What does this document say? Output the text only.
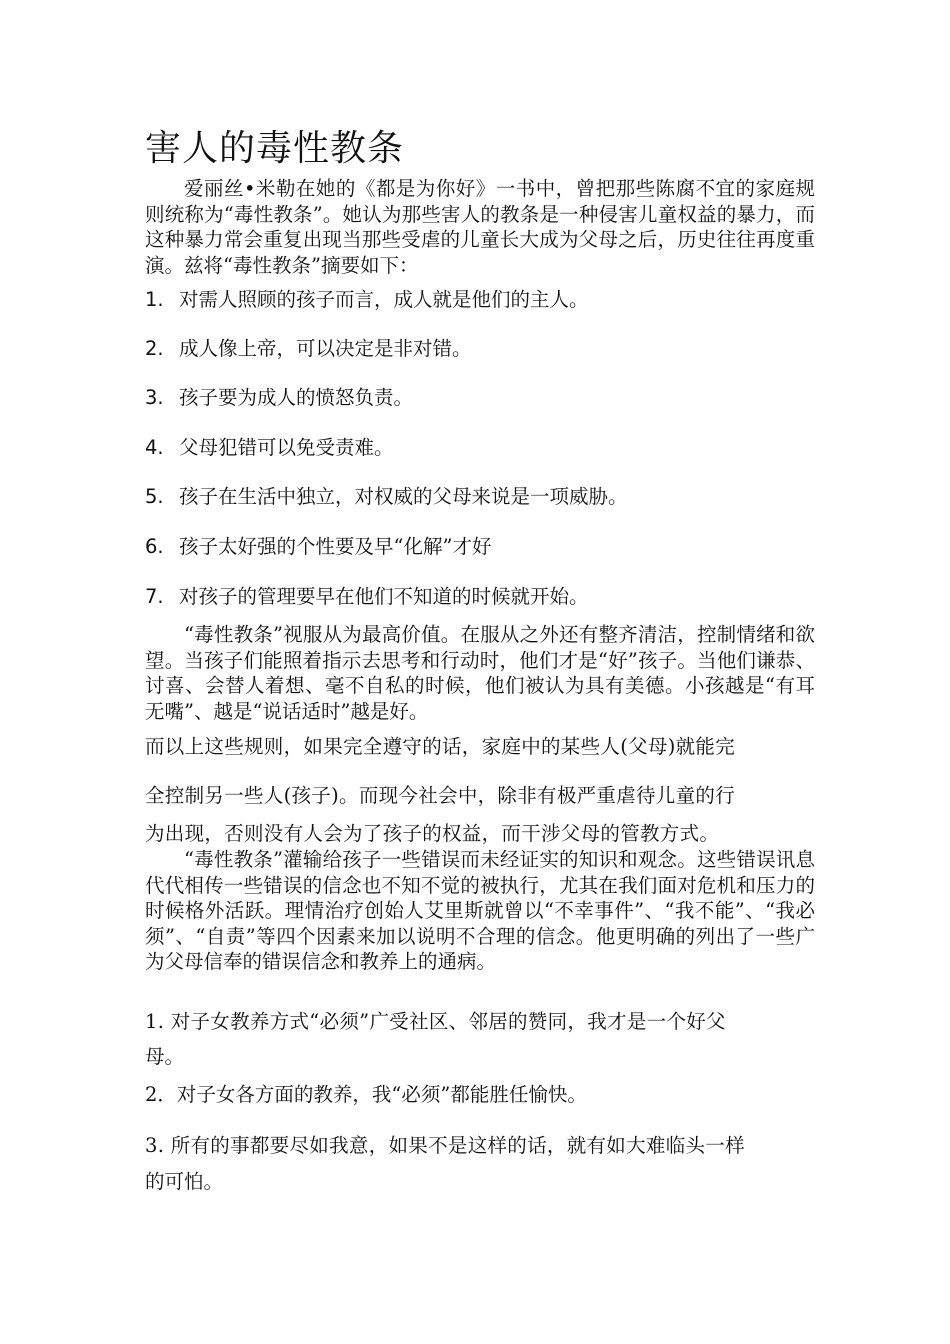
害人的毒性教条

爱丽丝•米勒在她的《都是为你好》一书中，曾把那些陈腐不宜的家庭规则统称为“毒性教条”。她认为那些害人的教条是一种侵害儿童权益的暴力，而这种暴力常会重复出现当那些受虐的儿童长大成为父母之后，历史往往再度重演。兹将“毒性教条”摘要如下：

1. 对需人照顾的孩子而言，成人就是他们的主人。

2. 成人像上帝，可以决定是非对错。

3. 孩子要为成人的愤怒负责。

4. 父母犯错可以免受责难。

5. 孩子在生活中独立，对权威的父母来说是一项威胁。

6. 孩子太好强的个性要及早“化解”才好

7. 对孩子的管理要早在他们不知道的时候就开始。

“毒性教条”视服从为最高价值。在服从之外还有整齐清洁，控制情绪和欲望。当孩子们能照着指示去思考和行动时，他们才是“好”孩子。当他们谦恭、讨喜、会替人着想、毫不自私的时候，他们被认为具有美德。小孩越是“有耳无嘴”、越是“说话适时”越是好。

而以上这些规则，如果完全遵守的话，家庭中的某些人(父母)就能完

全控制另一些人(孩子)。而现今社会中，除非有极严重虐待儿童的行

为出现，否则没有人会为了孩子的权益，而干涉父母的管教方式。

“毒性教条”灌输给孩子一些错误而未经证实的知识和观念。这些错误讯息代代相传一些错误的信念也不知不觉的被执行，尤其在我们面对危机和压力的时候格外活跃。理情治疗创始人艾里斯就曾以“不幸事件”、“我不能”、“我必须”、“自责”等四个因素来加以说明不合理的信念。他更明确的列出了一些广为父母信奉的错误信念和教养上的通病。

1. 对子女教养方式“必须”广受社区、邻居的赞同，我才是一个好父

母。

2．对子女各方面的教养，我“必须”都能胜任愉快。

3. 所有的事都要尽如我意，如果不是这样的话，就有如大难临头一样

的可怕。
